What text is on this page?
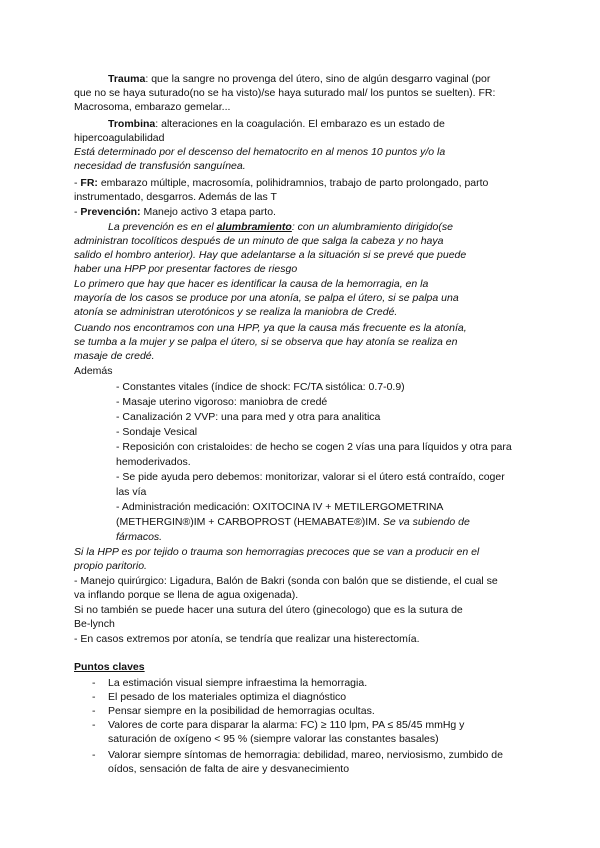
Trauma: que la sangre no provenga del útero, sino de algún desgarro vaginal (por
que no se haya suturado(no se ha visto)/se haya suturado mal/ los puntos se suelten). FR:
Macrosoma, embarazo gemelar...
Trombina: alteraciones en la coagulación. El embarazo es un estado de
hipercoagulabilidad
Está determinado por el descenso del hematocrito en al menos 10 puntos y/o la
necesidad de transfusión sanguínea.
- FR: embarazo múltiple, macrosomía, polihidramnios, trabajo de parto prolongado, parto
instrumentado, desgarros. Además de las T
- Prevención: Manejo activo 3 etapa parto.
La prevención es en el alumbramiento: con un alumbramiento dirigido(se
administran tocolíticos después de un minuto de que salga la cabeza y no haya
salido el hombro anterior). Hay que adelantarse a la situación si se prevé que puede
haber una HPP por presentar factores de riesgo
Lo primero que hay que hacer es identificar la causa de la hemorragia, en la
mayoría de los casos se produce por una atonía, se palpa el útero, si se palpa una
atonía se administran uterotónicos y se realiza la maniobra de Credé.
Cuando nos encontramos con una HPP, ya que la causa más frecuente es la atonía,
se tumba a la mujer y se palpa el útero, si se observa que hay atonía se realiza en
masaje de credé.
Además
- Constantes vitales (índice de shock: FC/TA sistólica: 0.7-0.9)
- Masaje uterino vigoroso: maniobra de credé
- Canalización 2 VVP: una para med y otra para analitica
- Sondaje Vesical
- Reposición con cristaloides: de hecho se cogen 2 vías una para líquidos y otra para
hemoderivados.
- Se pide ayuda pero debemos: monitorizar, valorar si el útero está contraído, coger
las vía
- Administración medicación: OXITOCINA IV + METILERGOMETRINA
(METHERGIN®)IM + CARBOPROST (HEMABATE®)IM. Se va subiendo de
fármacos.
Si la HPP es por tejido o trauma son hemorragias precoces que se van a producir en el
propio paritorio.
- Manejo quirúrgico: Ligadura, Balón de Bakri (sonda con balón que se distiende, el cual se
va inflando porque se llena de agua oxigenada).
Si no también se puede hacer una sutura del útero (ginecologo) que es la sutura de
Be-lynch
- En casos extremos por atonía, se tendría que realizar una histerectomía.
Puntos claves
- La estimación visual siempre infraestima la hemorragia.
- El pesado de los materiales optimiza el diagnóstico
- Pensar siempre en la posibilidad de hemorragias ocultas.
- Valores de corte para disparar la alarma: FC) ≥ 110 lpm, PA ≤ 85/45 mmHg y
saturación de oxígeno < 95 % (siempre valorar las constantes basales)
- Valorar siempre síntomas de hemorragia: debilidad, mareo, nerviosismo, zumbido de
oídos, sensación de falta de aire y desvanecimiento
